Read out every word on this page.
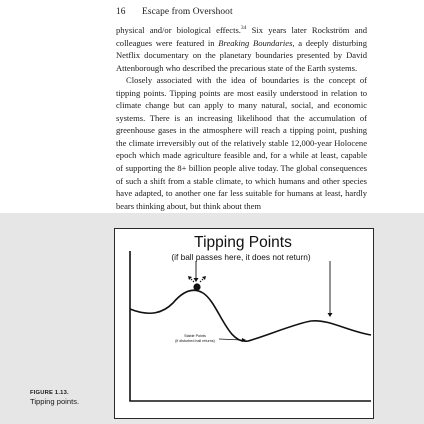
16 Escape from Overshoot

physical and/or biological effects.$^{34}$ Six years later Rockström and colleagues were featured in Breaking Boundaries, a deeply disturbing Netflix documentary on the planetary boundaries presented by David Attenborough who described the precarious state of the Earth systems.

Closely associated with the idea of boundaries is the concept of tipping points. Tipping points are most easily understood in relation to climate change but can apply to many natural, social, and economic systems. There is an increasing likelihood that the accumulation of greenhouse gases in the atmosphere will reach a tipping point, pushing the climate irreversibly out of the relatively stable 12,000-year Holocene epoch which made agriculture feasible and, for a while at least, capable of supporting the 8+ billion people alive today. The global consequences of such a shift from a stable climate, to which humans and other species have adapted, to another one far less suitable for humans at least, hardly bears thinking about, but think about them

FIGURE 1.13.
Tipping points.
Tipping Points
(if ball passes here, it does not return)
Stable Points
(if disturbed ball returns)
